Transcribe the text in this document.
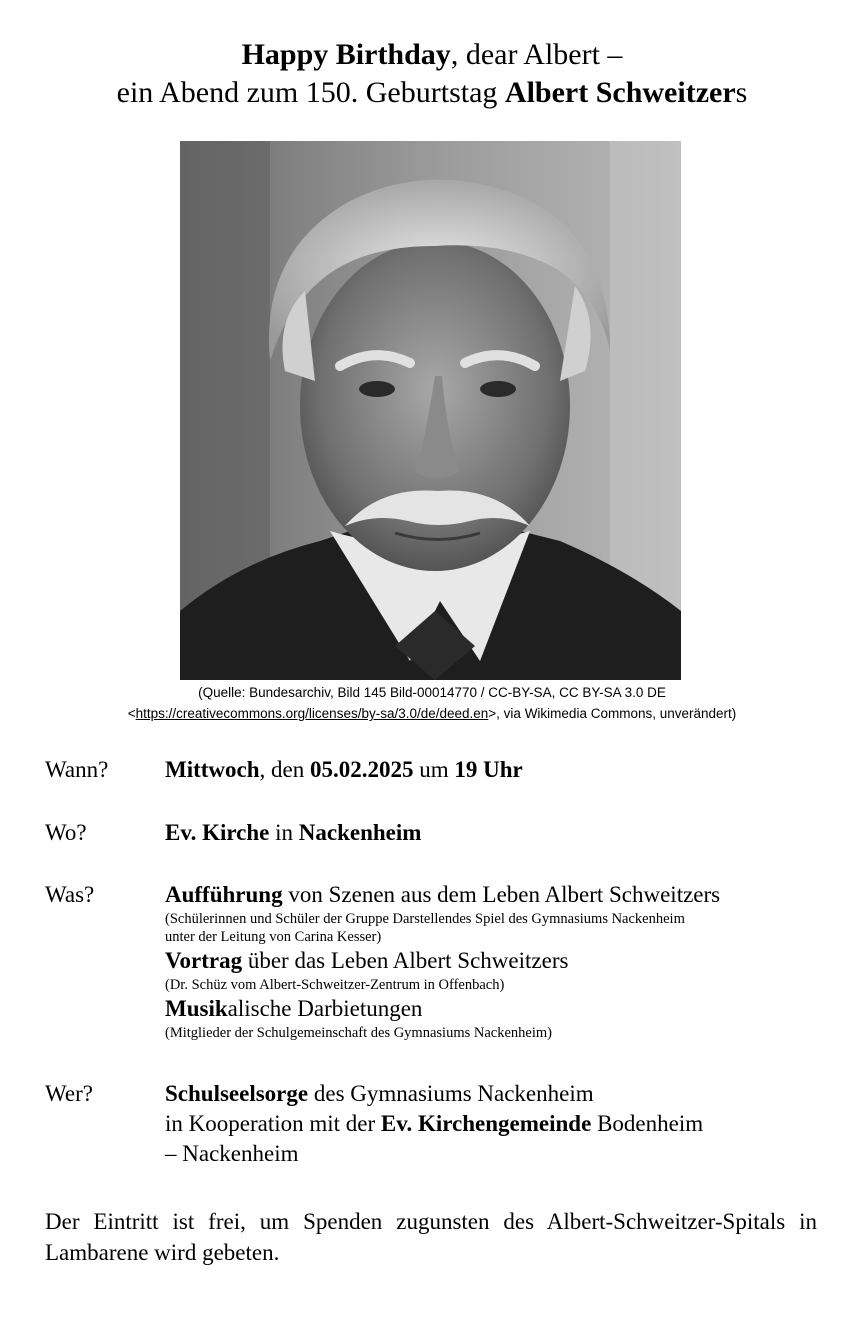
Happy Birthday, dear Albert –
ein Abend zum 150. Geburtstag Albert Schweitzers
(Quelle: Bundesarchiv, Bild 145 Bild-00014770 / CC-BY-SA, CC BY-SA 3.0 DE
<https://creativecommons.org/licenses/by-sa/3.0/de/deed.en>, via Wikimedia Commons, unverändert)
Wann? Mittwoch, den 05.02.2025 um 19 Uhr
Wo?	Ev. Kirche in Nackenheim
Was?	Aufführung von Szenen aus dem Leben Albert Schweitzers
(Schülerinnen und Schüler der Gruppe Darstellendes Spiel des Gymnasiums Nackenheim
unter der Leitung von Carina Kesser)
Vortrag über das Leben Albert Schweitzers
(Dr. Schüz vom Albert-Schweitzer-Zentrum in Offenbach)
Musikalische Darbietungen
(Mitglieder der Schulgemeinschaft des Gymnasiums Nackenheim)
Wer?	Schulseelsorge des Gymnasiums Nackenheim
in Kooperation mit der Ev. Kirchengemeinde Bodenheim
– Nackenheim
Der Eintritt ist frei, um Spenden zugunsten des Albert-Schweitzer-Spitals in Lambarene wird gebeten.
